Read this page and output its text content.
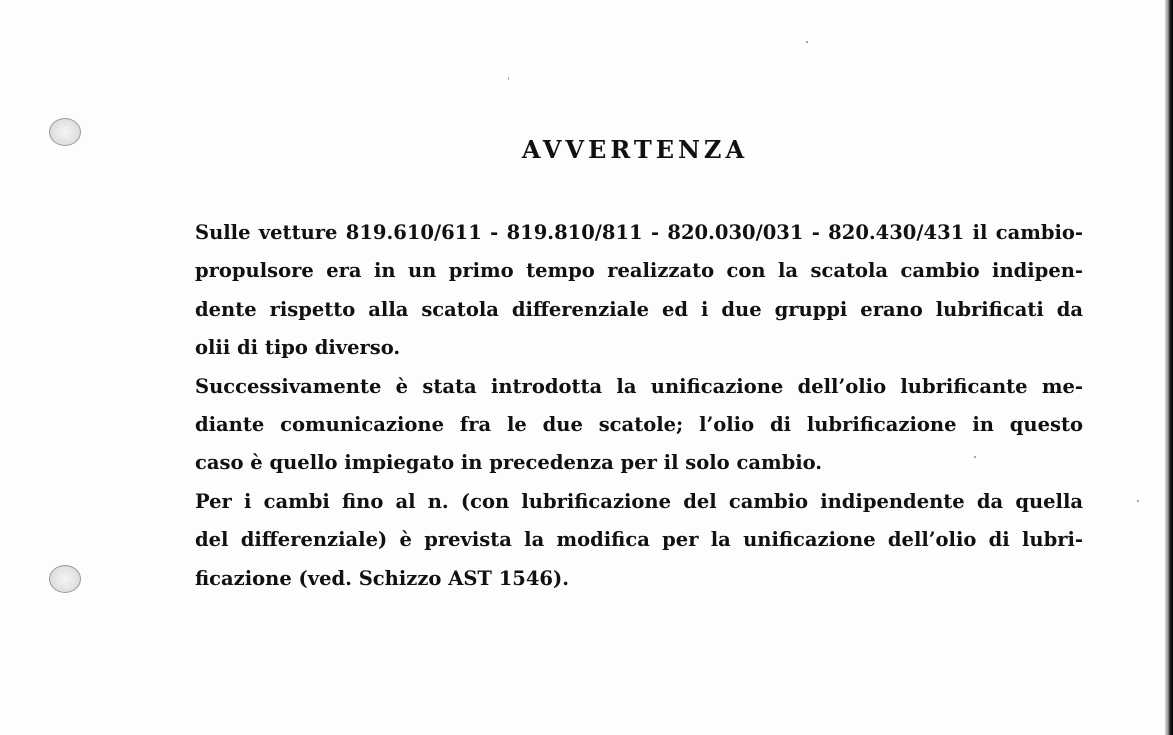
AVVERTENZA
Sulle vetture 819.610/611 - 819.810/811 - 820.030/031 - 820.430/431 il cambio-
propulsore era in un primo tempo realizzato con la scatola cambio indipen-
dente rispetto alla scatola differenziale ed i due gruppi erano lubrificati da
olii di tipo diverso.
Successivamente è stata introdotta la unificazione dell’olio lubrificante me-
diante comunicazione fra le due scatole; l’olio di lubrificazione in questo
caso è quello impiegato in precedenza per il solo cambio.
Per i cambi fino al n. (con lubrificazione del cambio indipendente da quella
del differenziale) è prevista la modifica per la unificazione dell’olio di lubri-
ficazione (ved. Schizzo AST 1546).
